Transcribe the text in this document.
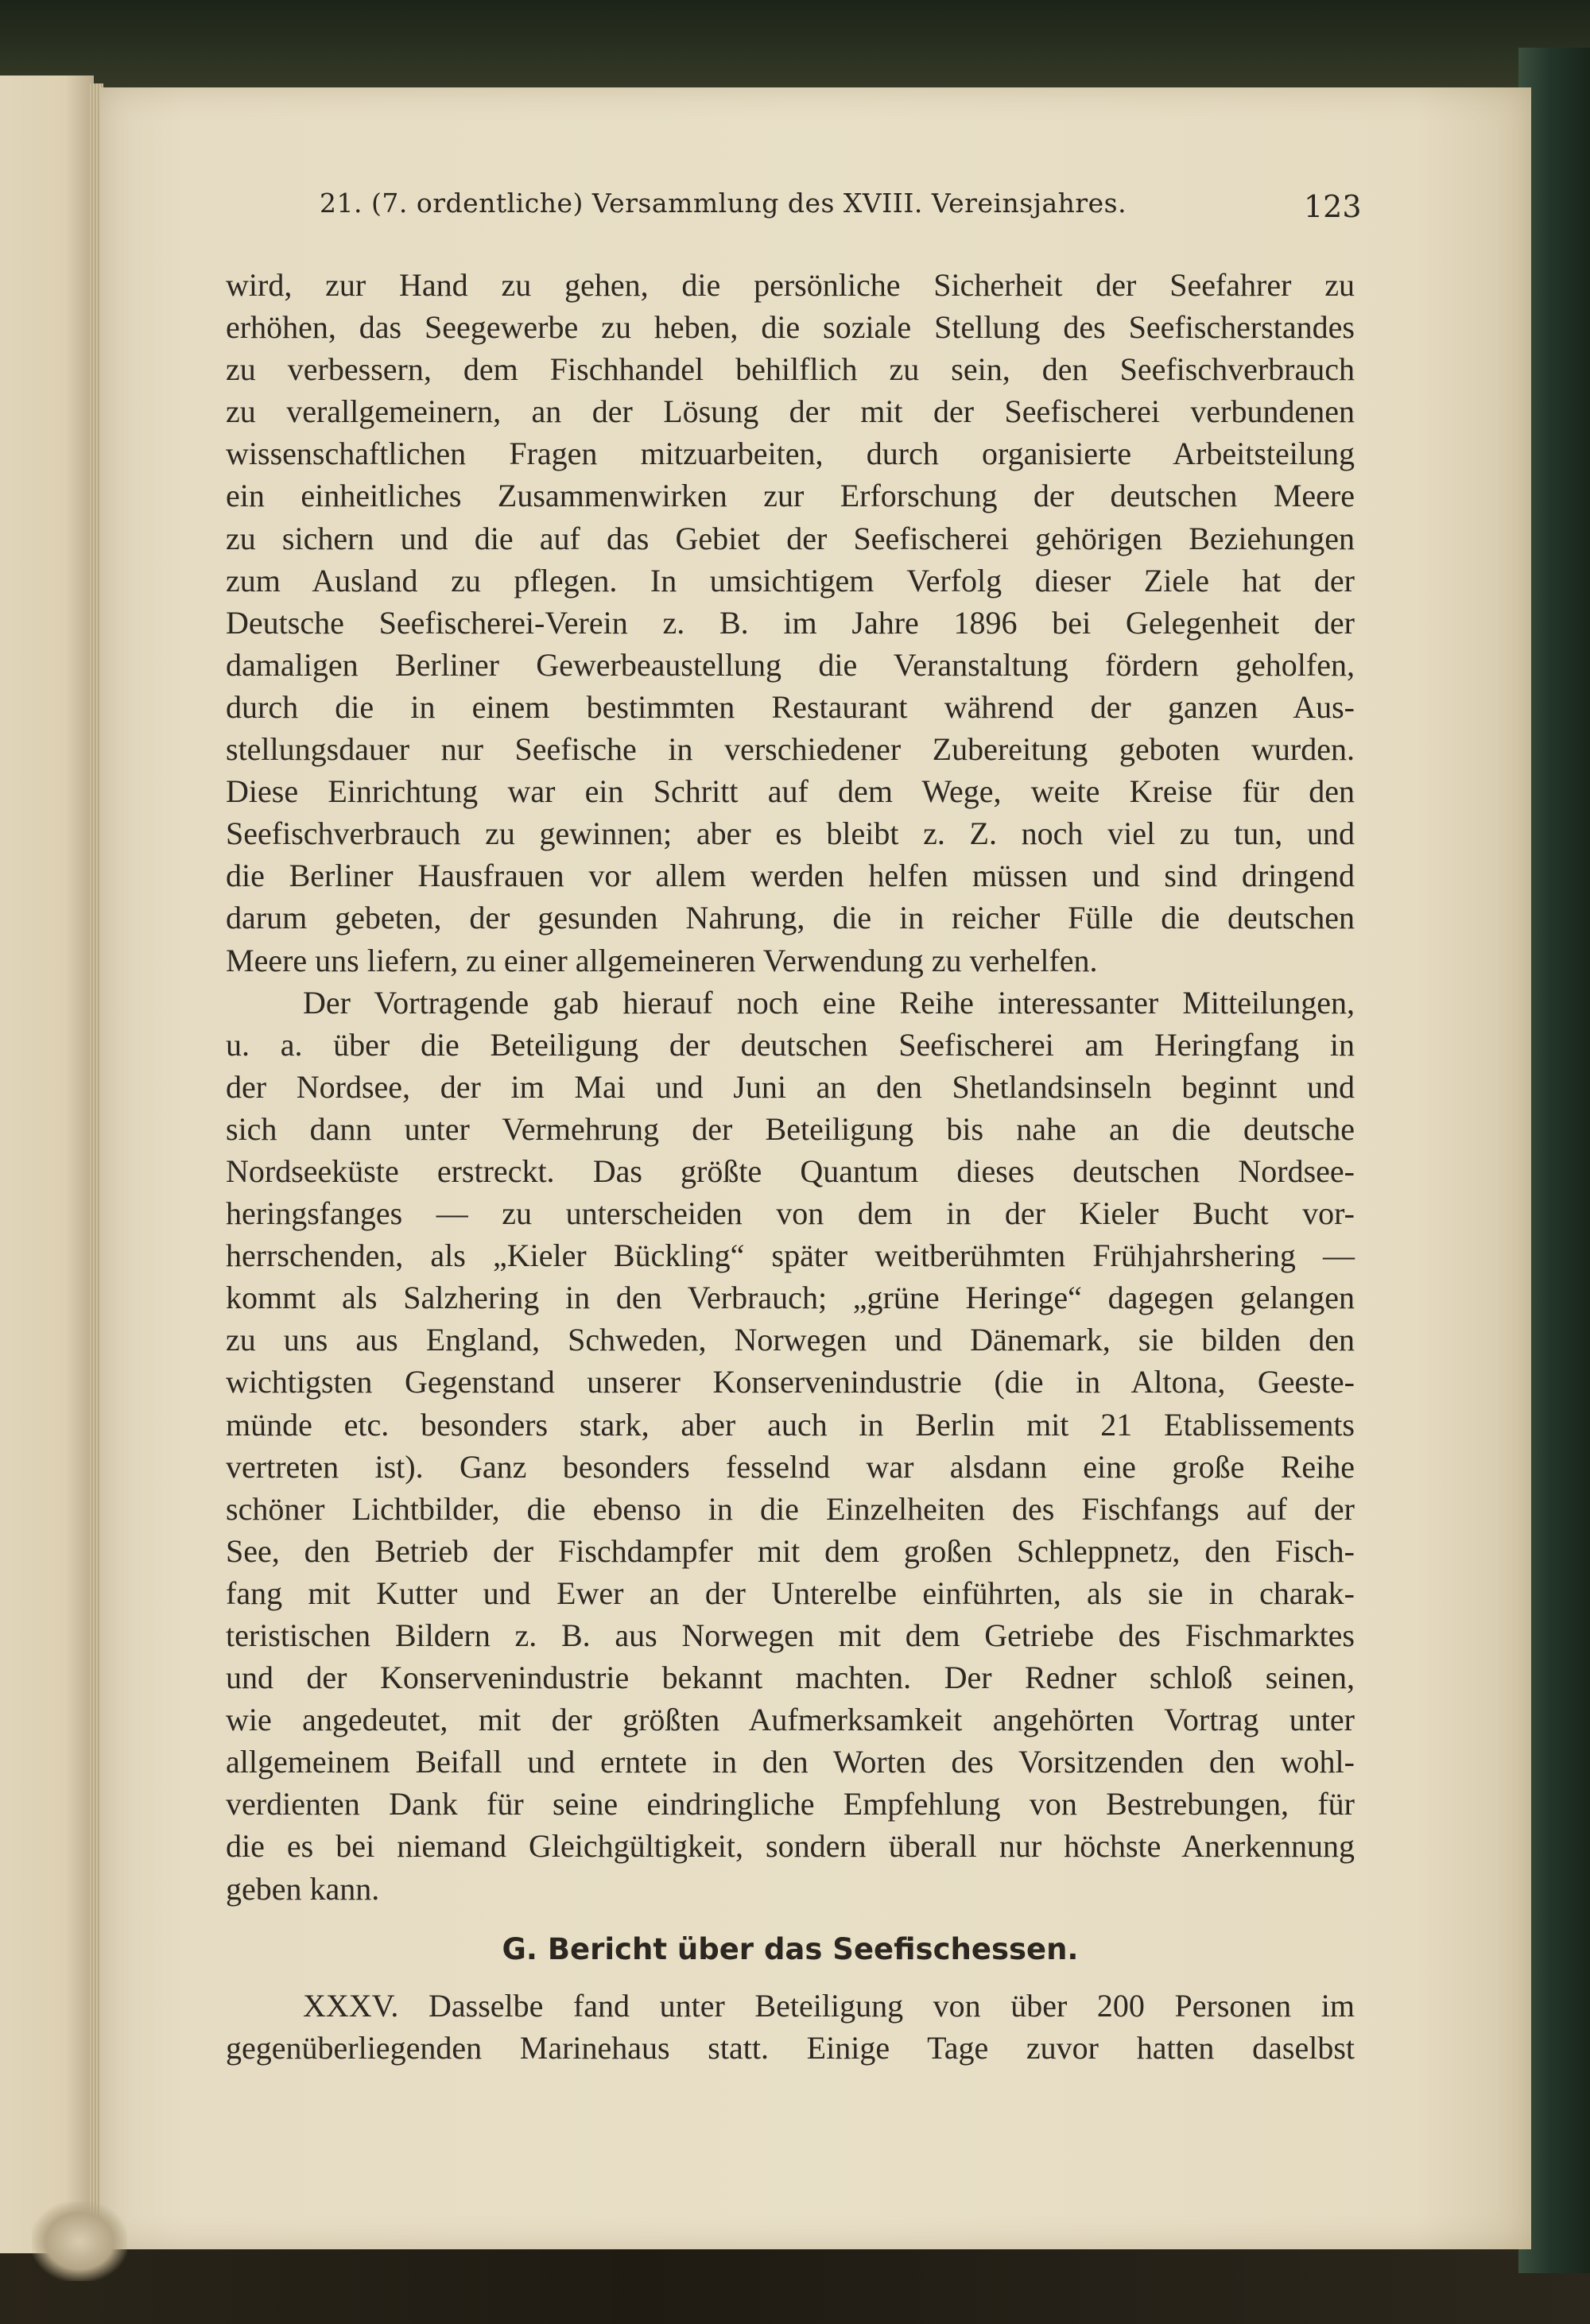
21. (7. ordentliche) Versammlung des XVIII. Vereinsjahres.	123
wird, zur Hand zu gehen, die persönliche Sicherheit der Seefahrer zu
erhöhen, das Seegewerbe zu heben, die soziale Stellung des Seefischerstandes
zu verbessern, dem Fischhandel behilflich zu sein, den Seefischverbrauch
zu verallgemeinern, an der Lösung der mit der Seefischerei verbundenen
wissenschaftlichen Fragen mitzuarbeiten, durch organisierte Arbeitsteilung
ein einheitliches Zusammenwirken zur Erforschung der deutschen Meere
zu sichern und die auf das Gebiet der Seefischerei gehörigen Beziehungen
zum Ausland zu pflegen. In umsichtigem Verfolg dieser Ziele hat der
Deutsche Seefischerei-Verein z. B. im Jahre 1896 bei Gelegenheit der
damaligen Berliner Gewerbeaustellung die Veranstaltung fördern geholfen,
durch die in einem bestimmten Restaurant während der ganzen Aus-
stellungsdauer nur Seefische in verschiedener Zubereitung geboten wurden.
Diese Einrichtung war ein Schritt auf dem Wege, weite Kreise für den
Seefischverbrauch zu gewinnen; aber es bleibt z. Z. noch viel zu tun, und
die Berliner Hausfrauen vor allem werden helfen müssen und sind dringend
darum gebeten, der gesunden Nahrung, die in reicher Fülle die deutschen
Meere uns liefern, zu einer allgemeineren Verwendung zu verhelfen.
Der Vortragende gab hierauf noch eine Reihe interessanter Mitteilungen,
u. a. über die Beteiligung der deutschen Seefischerei am Heringfang in
der Nordsee, der im Mai und Juni an den Shetlandsinseln beginnt und
sich dann unter Vermehrung der Beteiligung bis nahe an die deutsche
Nordseeküste erstreckt. Das größte Quantum dieses deutschen Nordsee-
heringsfanges — zu unterscheiden von dem in der Kieler Bucht vor-
herrschenden, als „Kieler Bückling“ später weitberühmten Frühjahrshering —
kommt als Salzhering in den Verbrauch; „grüne Heringe“ dagegen gelangen
zu uns aus England, Schweden, Norwegen und Dänemark, sie bilden den
wichtigsten Gegenstand unserer Konservenindustrie (die in Altona, Geeste-
münde etc. besonders stark, aber auch in Berlin mit 21 Etablissements
vertreten ist). Ganz besonders fesselnd war alsdann eine große Reihe
schöner Lichtbilder, die ebenso in die Einzelheiten des Fischfangs auf der
See, den Betrieb der Fischdampfer mit dem großen Schleppnetz, den Fisch-
fang mit Kutter und Ewer an der Unterelbe einführten, als sie in charak-
teristischen Bildern z. B. aus Norwegen mit dem Getriebe des Fischmarktes
und der Konservenindustrie bekannt machten. Der Redner schloß seinen,
wie angedeutet, mit der größten Aufmerksamkeit angehörten Vortrag unter
allgemeinem Beifall und erntete in den Worten des Vorsitzenden den wohl-
verdienten Dank für seine eindringliche Empfehlung von Bestrebungen, für
die es bei niemand Gleichgültigkeit, sondern überall nur höchste Anerkennung
geben kann.
G. Bericht über das Seefischessen.
XXXV. Dasselbe fand unter Beteiligung von über 200 Personen im
gegenüberliegenden Marinehaus statt. Einige Tage zuvor hatten daselbst
